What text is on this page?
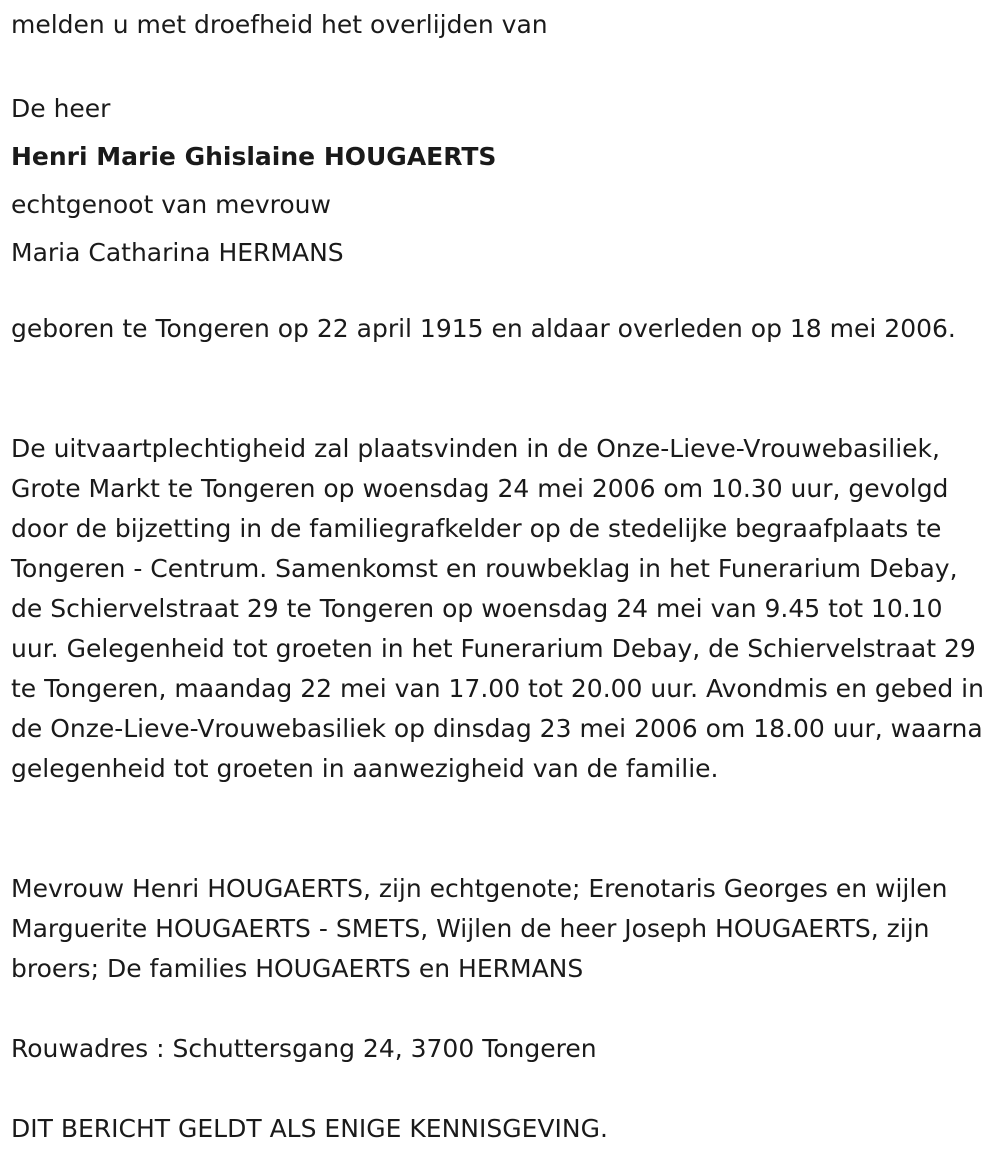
melden u met droefheid het overlijden van

De heer

Henri Marie Ghislaine HOUGAERTS

echtgenoot van mevrouw

Maria Catharina HERMANS

geboren te Tongeren op 22 april 1915 en aldaar overleden op 18 mei 2006.

De uitvaartplechtigheid zal plaatsvinden in de Onze-Lieve-Vrouwebasiliek, Grote Markt te Tongeren op woensdag 24 mei 2006 om 10.30 uur, gevolgd door de bijzetting in de familiegrafkelder op de stedelijke begraafplaats te Tongeren - Centrum. Samenkomst en rouwbeklag in het Funerarium Debay, de Schiervelstraat 29 te Tongeren op woensdag 24 mei van 9.45 tot 10.10 uur. Gelegenheid tot groeten in het Funerarium Debay, de Schiervelstraat 29 te Tongeren, maandag 22 mei van 17.00 tot 20.00 uur. Avondmis en gebed in de Onze-Lieve-Vrouwebasiliek op dinsdag 23 mei 2006 om 18.00 uur, waarna gelegenheid tot groeten in aanwezigheid van de familie.

Mevrouw Henri HOUGAERTS, zijn echtgenote; Erenotaris Georges en wijlen Marguerite HOUGAERTS - SMETS, Wijlen de heer Joseph HOUGAERTS, zijn broers; De families HOUGAERTS en HERMANS

Rouwadres : Schuttersgang 24, 3700 Tongeren

DIT BERICHT GELDT ALS ENIGE KENNISGEVING.
